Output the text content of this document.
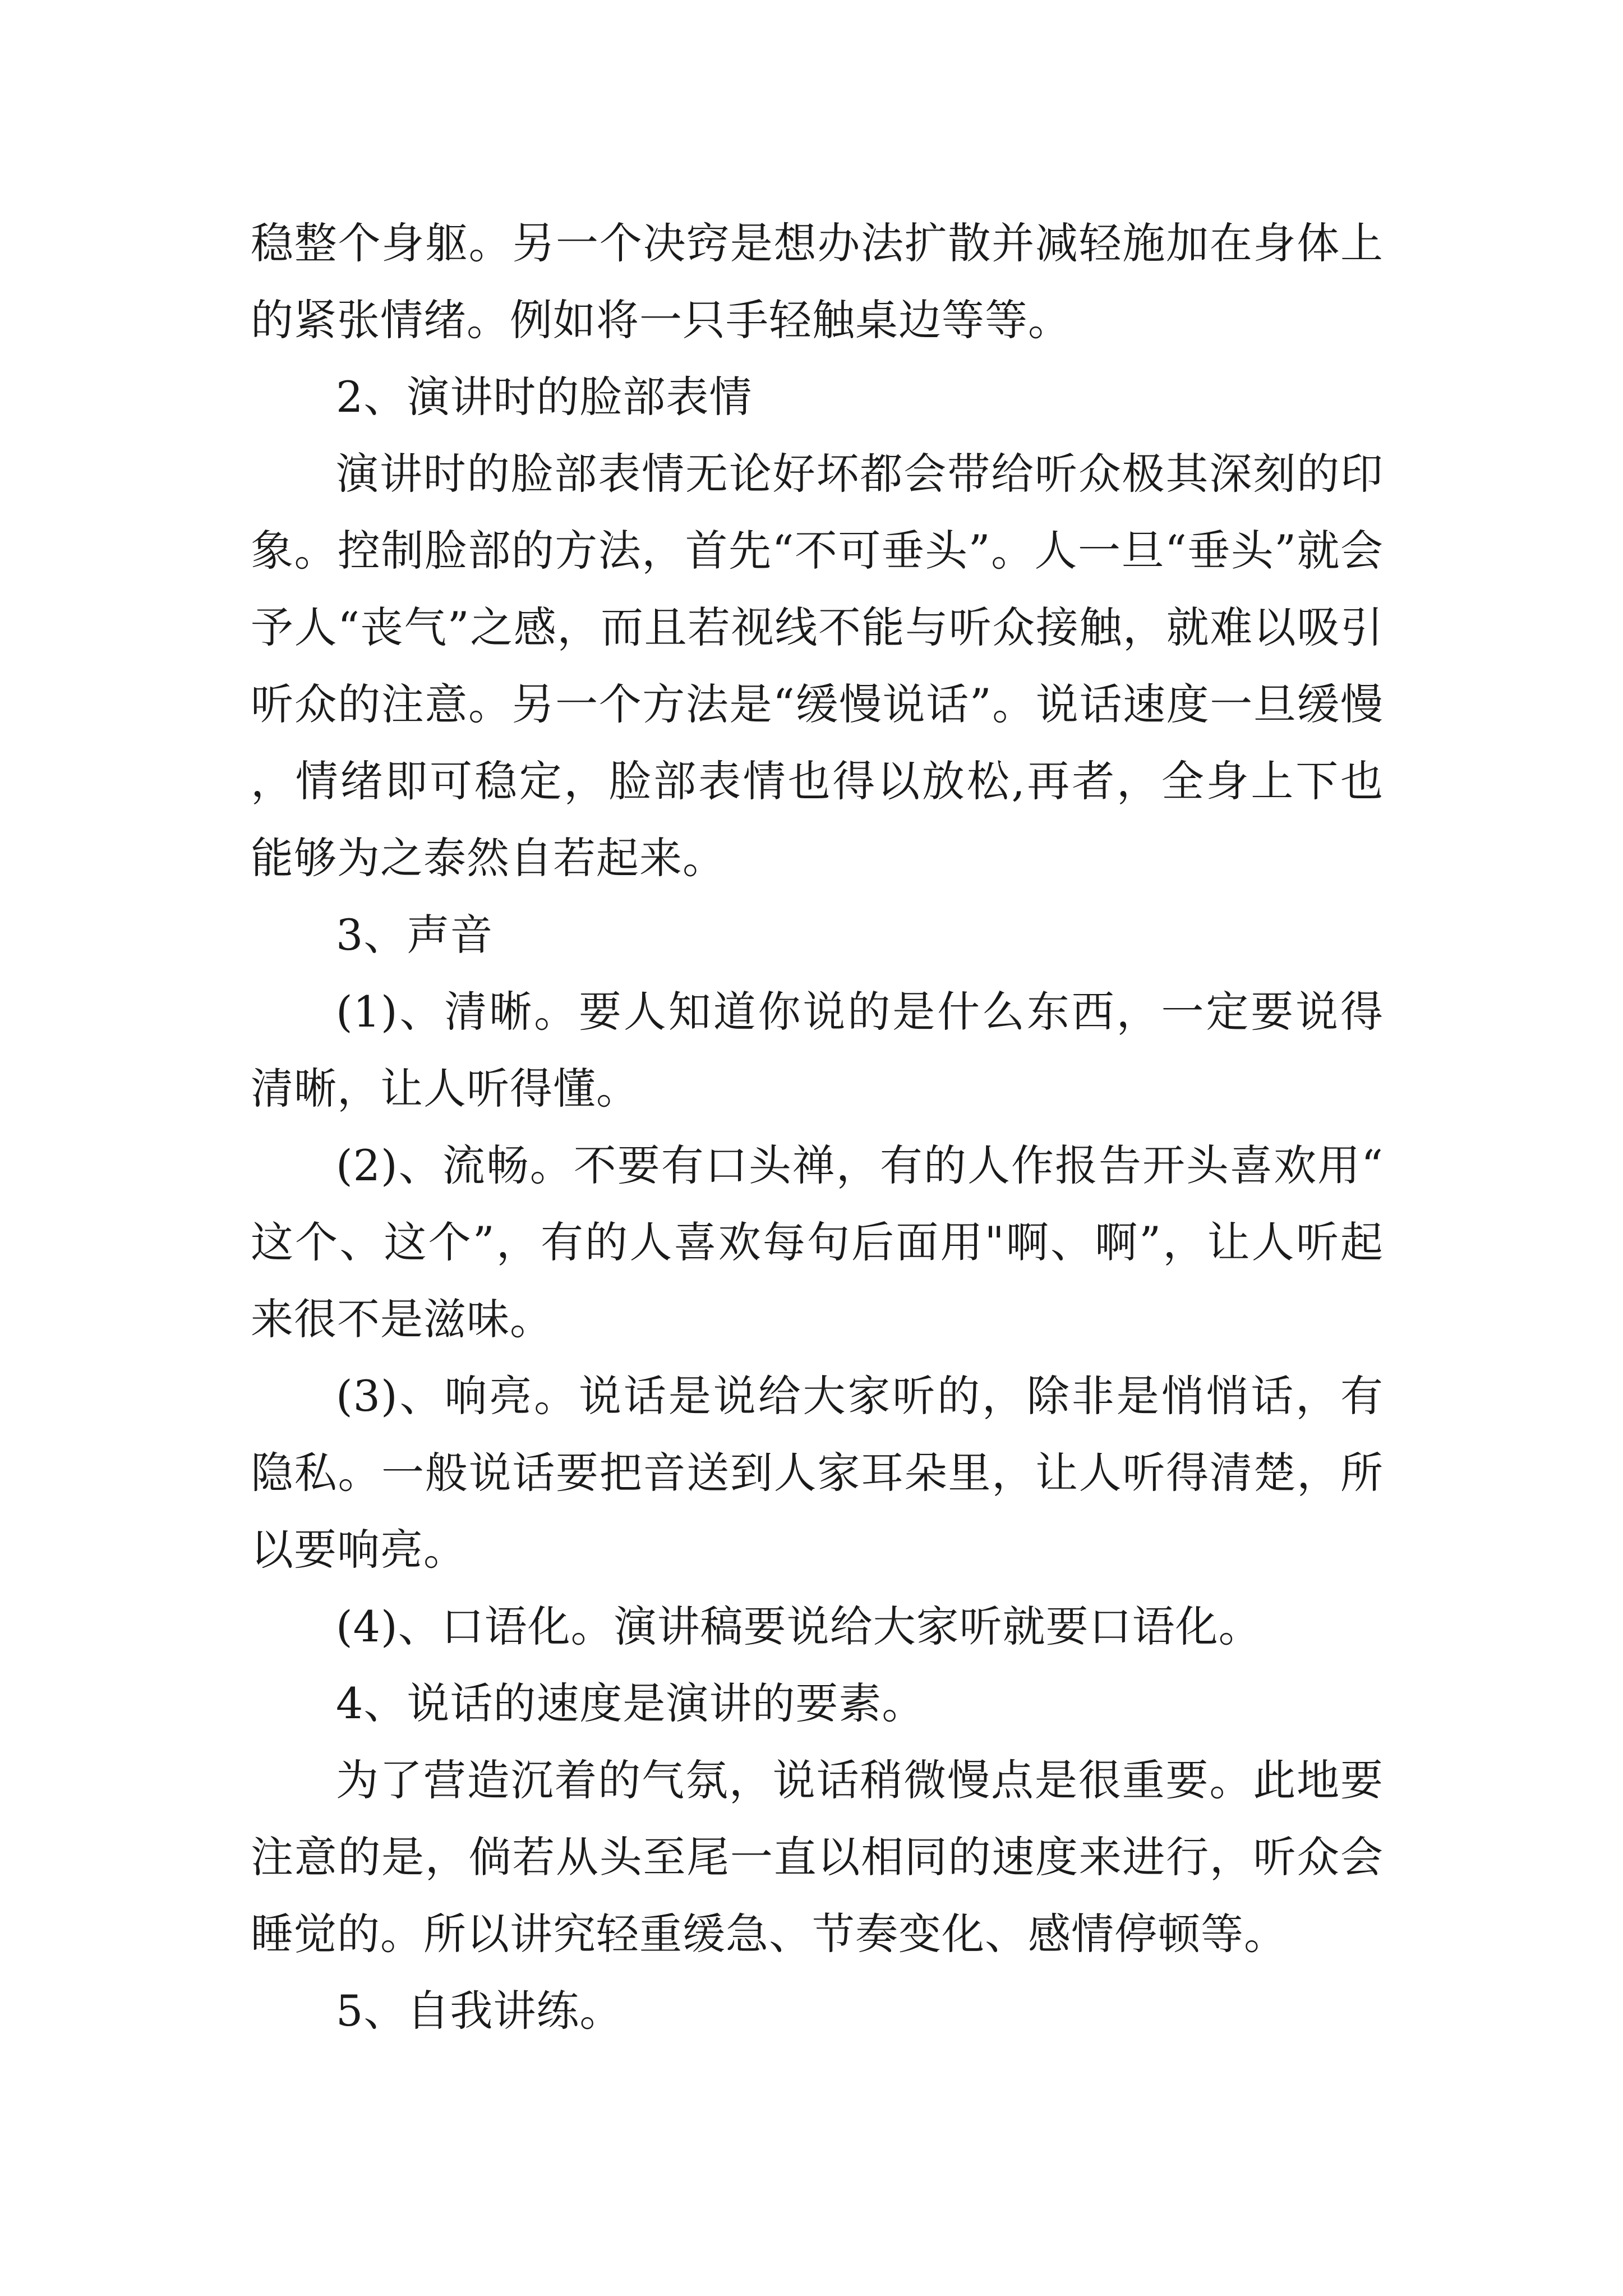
稳整个身躯。另一个决窍是想办法扩散并减轻施加在身体上的紧张情绪。例如将一只手轻触桌边等等。

2、演讲时的脸部表情

演讲时的脸部表情无论好坏都会带给听众极其深刻的印象。控制脸部的方法，首先“不可垂头”。人一旦“垂头”就会予人“丧气”之感，而且若视线不能与听众接触，就难以吸引听众的注意。另一个方法是“缓慢说话”。说话速度一旦缓慢，情绪即可稳定，脸部表情也得以放松,再者，全身上下也能够为之泰然自若起来。

3、声音

(1)、清晰。要人知道你说的是什么东西，一定要说得清晰，让人听得懂。

(2)、流畅。不要有口头禅，有的人作报告开头喜欢用“这个、这个”，有的人喜欢每句后面用"啊、啊”，让人听起来很不是滋味。

(3)、响亮。说话是说给大家听的，除非是悄悄话，有隐私。一般说话要把音送到人家耳朵里，让人听得清楚，所以要响亮。

(4)、口语化。演讲稿要说给大家听就要口语化。

4、说话的速度是演讲的要素。

为了营造沉着的气氛，说话稍微慢点是很重要。此地要注意的是，倘若从头至尾一直以相同的速度来进行，听众会睡觉的。所以讲究轻重缓急、节奏变化、感情停顿等。

5、自我讲练。
